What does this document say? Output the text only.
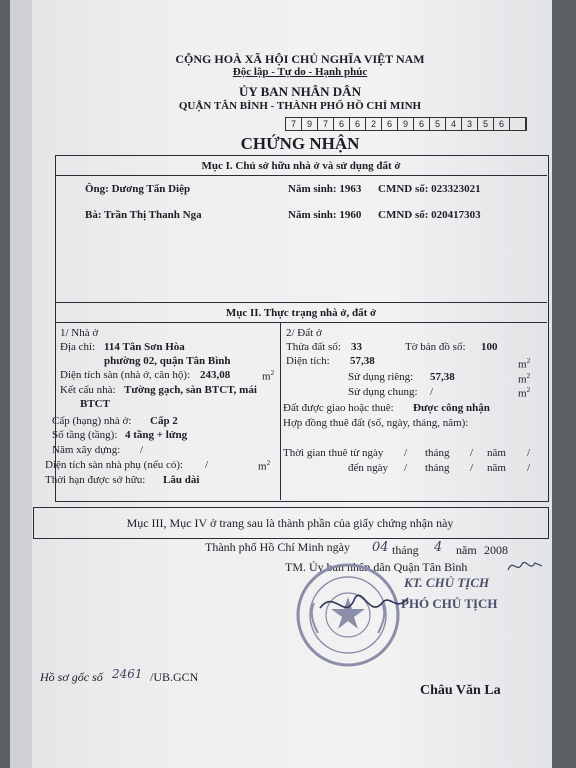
CỘNG HOÀ XÃ HỘI CHỦ NGHĨA VIỆT NAM
Độc lập - Tự do - Hạnh phúc
ỦY BAN NHÂN DÂN
QUẬN TÂN BÌNH - THÀNH PHỐ HỒ CHÍ MINH
7	9	7	6	6	2	6	9	6	5	4	3	5	6
CHỨNG NHẬN
Mục I. Chủ sở hữu nhà ở và sử dụng đất ở
Ông: Dương Tấn Diệp	Năm sinh: 1963 CMND số: 023323021
Bà: Trần Thị Thanh Nga	Năm sinh: 1960 CMND số: 020417303
Mục II. Thực trạng nhà ở, đất ở
1/ Nhà ở
Địa chỉ: 114 Tân Sơn Hòa
phường 02, quận Tân Bình
Diện tích sàn (nhà ở, căn hộ): 243,08	$m^2$
Kết cấu nhà: Tường gạch, sàn BTCT, mái
BTCT
Cấp (hạng) nhà ở: Cấp 2
Số tầng (tầng): 4 tầng + lửng
Năm xây dựng: /
Diện tích sàn nhà phụ (nếu có): /	$m^2$
Thời hạn được sở hữu: Lâu dài
2/ Đất ở
Thửa đất số: 33	Tờ bản đồ số: 100
Diện tích: 57,38	$m^2$
Sử dụng riêng: 57,38	$m^2$
Sử dụng chung: /	$m^2$
Đất được giao hoặc thuê: Được công nhận
Hợp đồng thuê đất (số, ngày, tháng, năm):
Thời gian thuê từ ngày / tháng / năm /
đến ngày / tháng / năm /
Mục III, Mục IV ở trang sau là thành phần của giấy chứng nhận này
Thành phố Hồ Chí Minh ngày 04 tháng 4 năm 2008
TM. Ủy ban nhân dân Quận Tân Bình
KT. CHỦ TỊCH
PHÓ CHỦ TỊCH
Châu Văn La
Hồ sơ gốc số 2461 /UB.GCN
